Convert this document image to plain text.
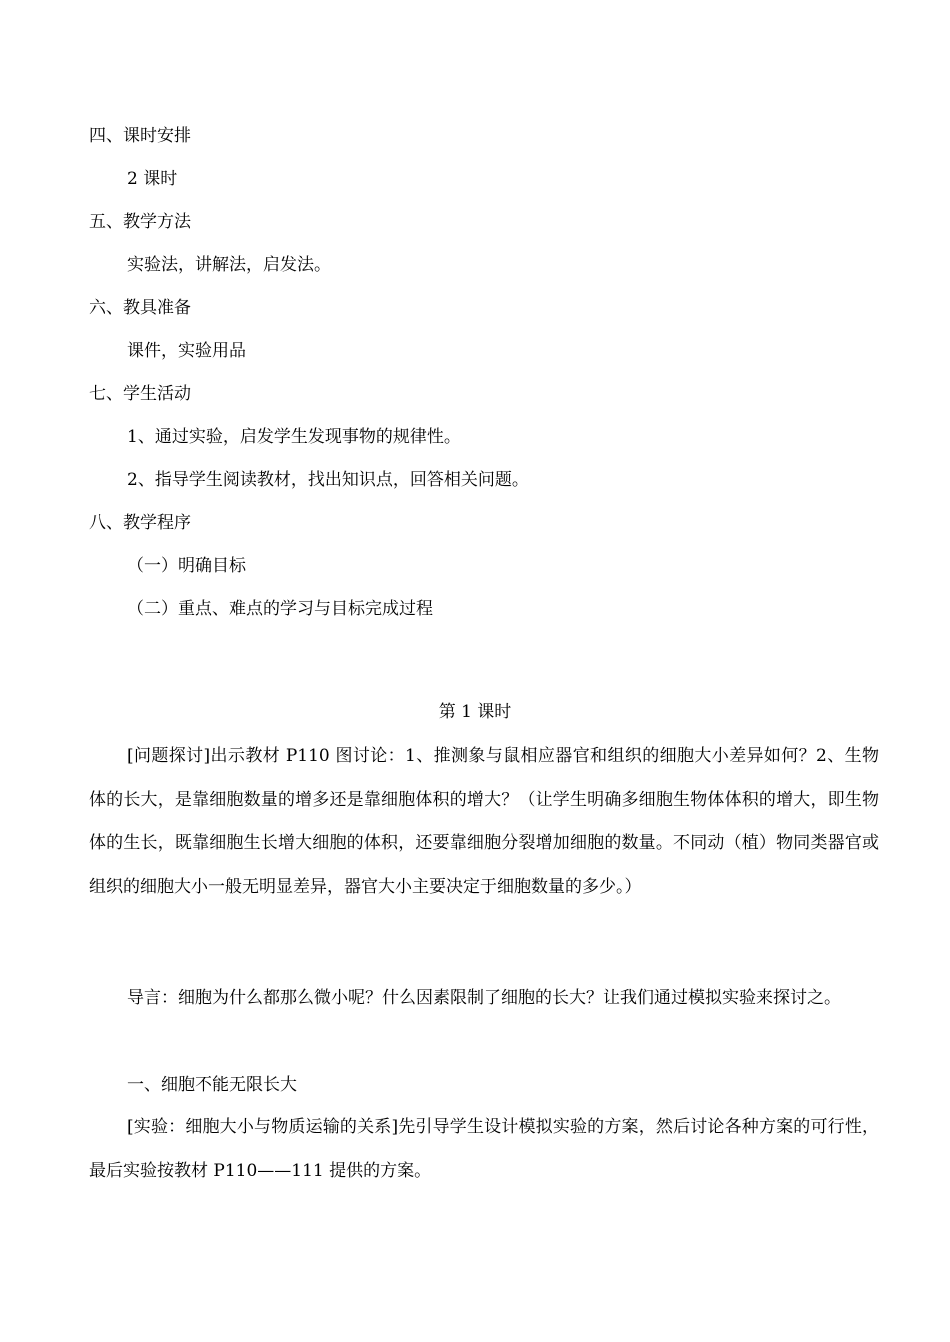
四、课时安排
2 课时
五、教学方法
实验法，讲解法，启发法。
六、教具准备
课件，实验用品
七、学生活动
1、通过实验，启发学生发现事物的规律性。
2、指导学生阅读教材，找出知识点，回答相关问题。
八、教学程序
（一）明确目标
（二）重点、难点的学习与目标完成过程
第 1 课时
[问题探讨]出示教材 P110 图讨论：1、推测象与鼠相应器官和组织的细胞大小差异如何？2、生物体的长大，是靠细胞数量的增多还是靠细胞体积的增大？（让学生明确多细胞生物体体积的增大，即生物体的生长，既靠细胞生长增大细胞的体积，还要靠细胞分裂增加细胞的数量。不同动（植）物同类器官或组织的细胞大小一般无明显差异，器官大小主要决定于细胞数量的多少。）
导言：细胞为什么都那么微小呢？什么因素限制了细胞的长大？让我们通过模拟实验来探讨之。
一、细胞不能无限长大
[实验：细胞大小与物质运输的关系]先引导学生设计模拟实验的方案，然后讨论各种方案的可行性，最后实验按教材 P110——111 提供的方案。
